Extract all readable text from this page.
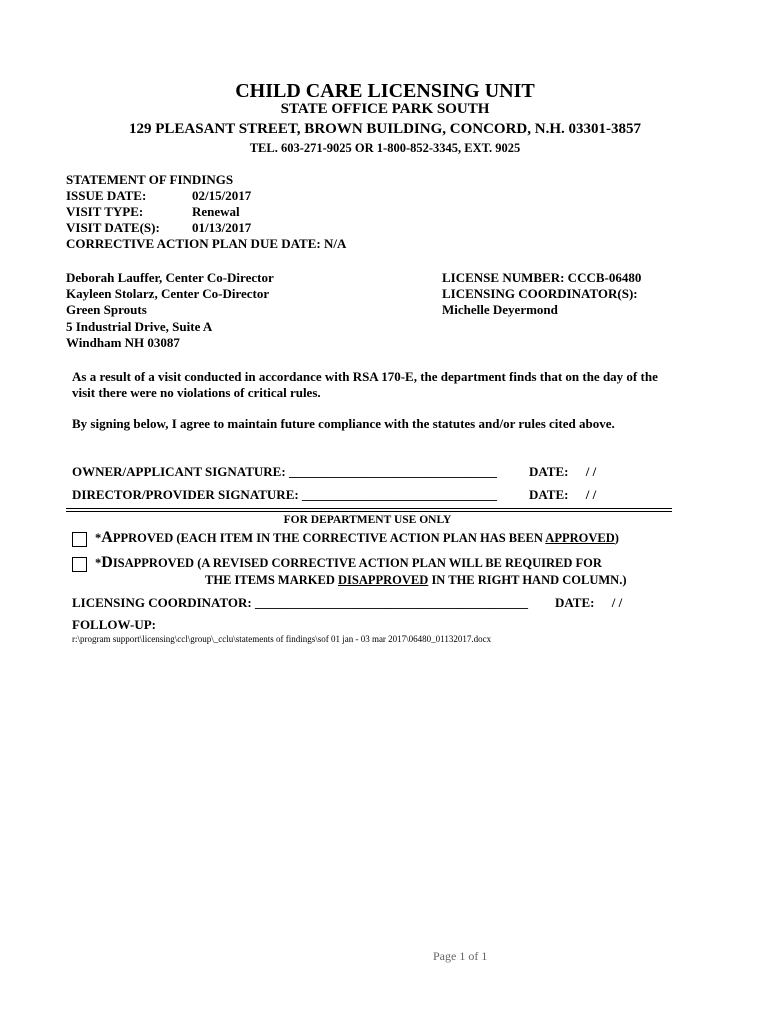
CHILD CARE LICENSING UNIT
STATE OFFICE PARK SOUTH
129 PLEASANT STREET, BROWN BUILDING, CONCORD, N.H. 03301-3857
TEL. 603-271-9025 OR 1-800-852-3345, EXT. 9025
STATEMENT OF FINDINGS
ISSUE DATE:	02/15/2017
VISIT TYPE:	Renewal
VISIT DATE(S): 01/13/2017
CORRECTIVE ACTION PLAN DUE DATE: N/A
Deborah Lauffer, Center Co-Director
Kayleen Stolarz, Center Co-Director
Green Sprouts
5 Industrial Drive, Suite A
Windham NH 03087
LICENSE NUMBER: CCCB-06480
LICENSING COORDINATOR(S):
Michelle Deyermond
As a result of a visit conducted in accordance with RSA 170-E, the department finds that on the day of the
visit there were no violations of critical rules.
By signing below, I agree to maintain future compliance with the statutes and/or rules cited above.
OWNER/APPLICANT SIGNATURE: ________________________________ DATE: / /
DIRECTOR/PROVIDER SIGNATURE: ______________________________ DATE: / /
FOR DEPARTMENT USE ONLY
*APPROVED (EACH ITEM IN THE CORRECTIVE ACTION PLAN HAS BEEN APPROVED)
*DISAPPROVED (A REVISED CORRECTIVE ACTION PLAN WILL BE REQUIRED FOR
THE ITEMS MARKED DISAPPROVED IN THE RIGHT HAND COLUMN.)
LICENSING COORDINATOR: __________________________________________ DATE: / /
FOLLOW-UP:
r:\program support\licensing\ccl\group\_cclu\statements of findings\sof 01 jan - 03 mar 2017\06480_01132017.docx
Page 1 of 1
